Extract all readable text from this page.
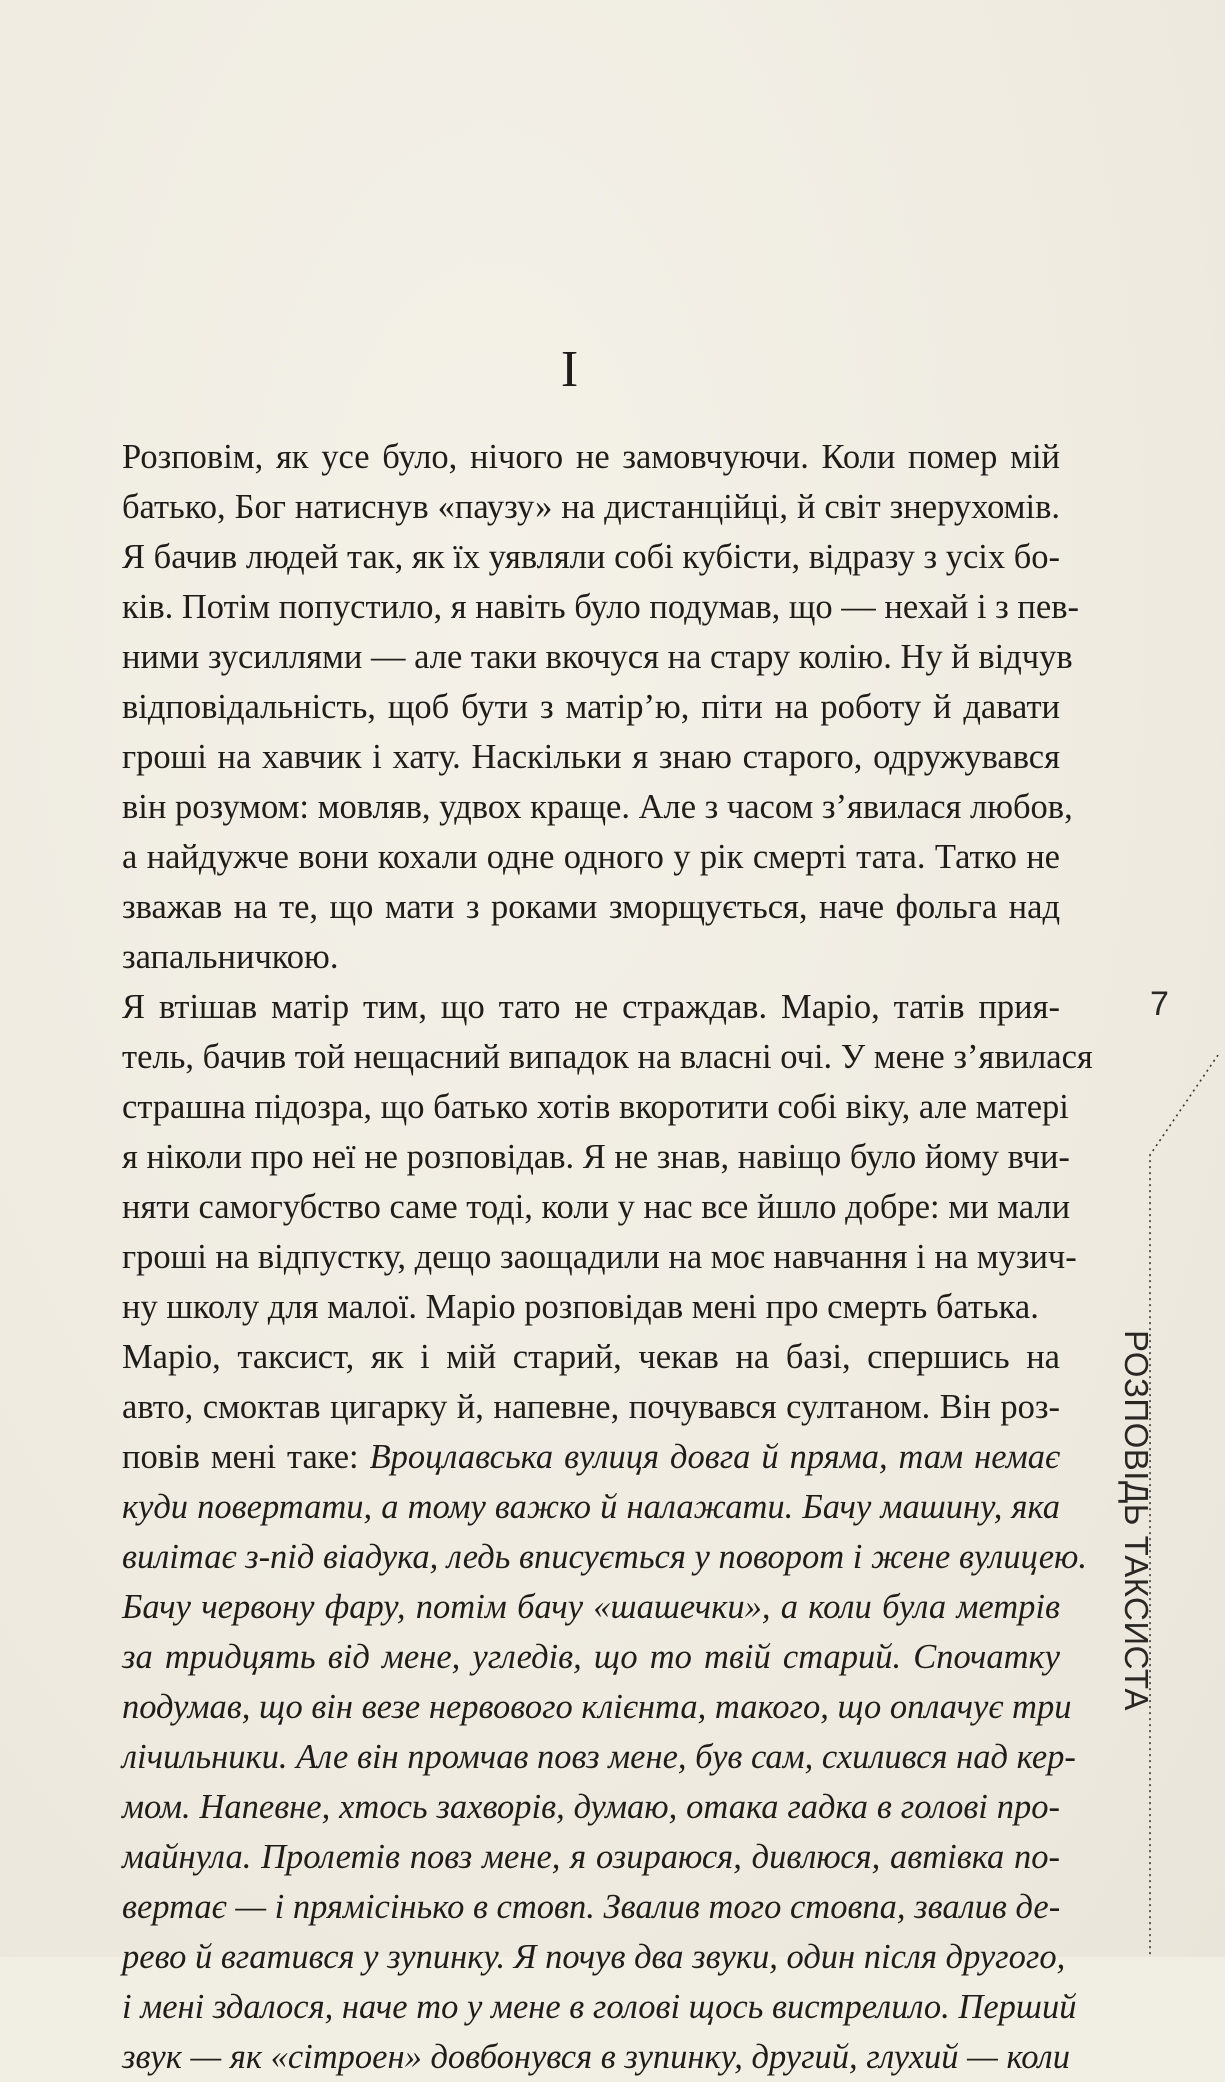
I
Розповім, як усе було, нічого не замовчуючи. Коли помер мій
батько, Бог натиснув «паузу» на дистанційці, й світ знерухомів.
Я бачив людей так, як їх уявляли собі кубісти, відразу з усіх бо-
ків. Потім попустило, я навіть було подумав, що — нехай і з пев-
ними зусиллями — але таки вкочуся на стару колію. Ну й відчув
відповідальність, щоб бути з матір’ю, піти на роботу й давати
гроші на хавчик і хату. Наскільки я знаю старого, одружувався
він розумом: мовляв, удвох краще. Але з часом з’явилася любов,
а найдужче вони кохали одне одного у рік смерті тата. Татко не
зважав на те, що мати з роками зморщується, наче фольга над
запальничкою.
Я втішав матір тим, що тато не страждав. Маріо, татів прия-
тель, бачив той нещасний випадок на власні очі. У мене з’явилася
страшна підозра, що батько хотів вкоротити собі віку, але матері
я ніколи про неї не розповідав. Я не знав, навіщо було йому вчи-
няти самогубство саме тоді, коли у нас все йшло добре: ми мали
гроші на відпустку, дещо заощадили на моє навчання і на музич-
ну школу для малої. Маріо розповідав мені про смерть батька.
Маріо, таксист, як і мій старий, чекав на базі, спершись на
авто, смоктав цигарку й, напевне, почувався султаном. Він роз-
повів мені таке: Вроцлавська вулиця довга й пряма, там немає
куди повертати, а тому важко й налажати. Бачу машину, яка
вилітає з-під віадука, ледь вписується у поворот і жене вулицею.
Бачу червону фару, потім бачу «шашечки», а коли була метрів
за тридцять від мене, угледів, що то твій старий. Спочатку
подумав, що він везе нервового клієнта, такого, що оплачує три
лічильники. Але він промчав повз мене, був сам, схилився над кер-
мом. Напевне, хтось захворів, думаю, отака гадка в голові про-
майнула. Пролетів повз мене, я озираюся, дивлюся, автівка по-
вертає — і прямісінько в стовп. Звалив того стовпа, звалив де-
рево й вгатився у зупинку. Я почув два звуки, один після другого,
і мені здалося, наче то у мене в голові щось вистрелило. Перший
звук — як «сітроен» довбонувся в зупинку, другий, глухий — коли
7
РОЗПОВІДЬ ТАКСИСТА
